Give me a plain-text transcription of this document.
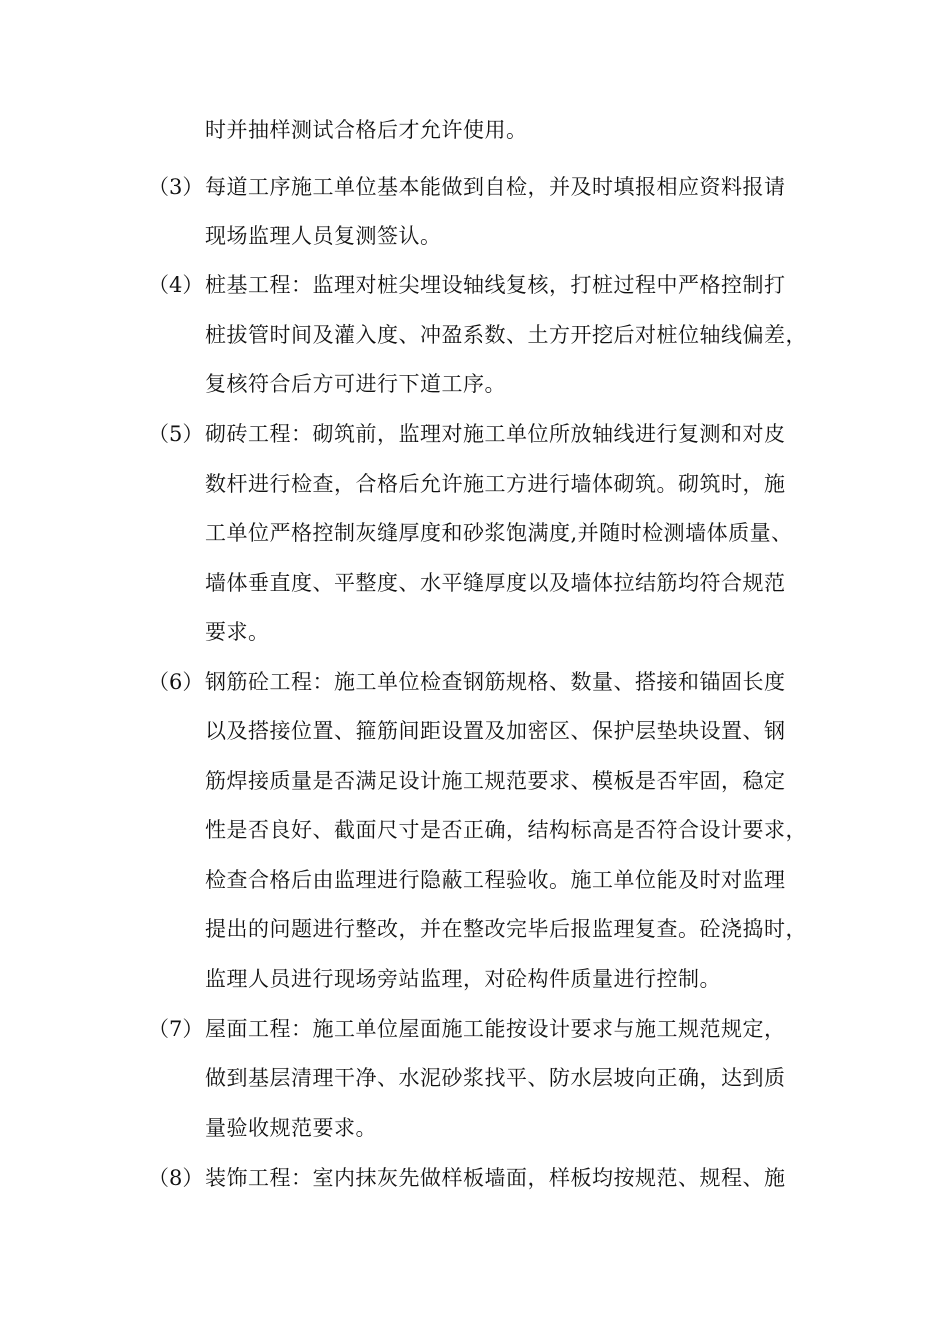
时并抽样测试合格后才允许使用。
（3） 每道工序施工单位基本能做到自检，并及时填报相应资料报请
现场监理人员复测签认。
（4） 桩基工程：监理对桩尖埋设轴线复核，打桩过程中严格控制打
桩拔管时间及灌入度、冲盈系数、土方开挖后对桩位轴线偏差，
复核符合后方可进行下道工序。
（5） 砌砖工程：砌筑前，监理对施工单位所放轴线进行复测和对皮
数杆进行检查，合格后允许施工方进行墙体砌筑。砌筑时，施
工单位严格控制灰缝厚度和砂浆饱满度,并随时检测墙体质量、
墙体垂直度、平整度、水平缝厚度以及墙体拉结筋均符合规范
要求。
（6） 钢筋砼工程：施工单位检查钢筋规格、数量、搭接和锚固长度
以及搭接位置、箍筋间距设置及加密区、保护层垫块设置、钢
筋焊接质量是否满足设计施工规范要求、模板是否牢固，稳定
性是否良好、截面尺寸是否正确，结构标高是否符合设计要求，
检查合格后由监理进行隐蔽工程验收。施工单位能及时对监理
提出的问题进行整改，并在整改完毕后报监理复查。砼浇捣时，
监理人员进行现场旁站监理，对砼构件质量进行控制。
（7） 屋面工程：施工单位屋面施工能按设计要求与施工规范规定，
做到基层清理干净、水泥砂浆找平、防水层坡向正确，达到质
量验收规范要求。
（8） 装饰工程：室内抹灰先做样板墙面，样板均按规范、规程、施
